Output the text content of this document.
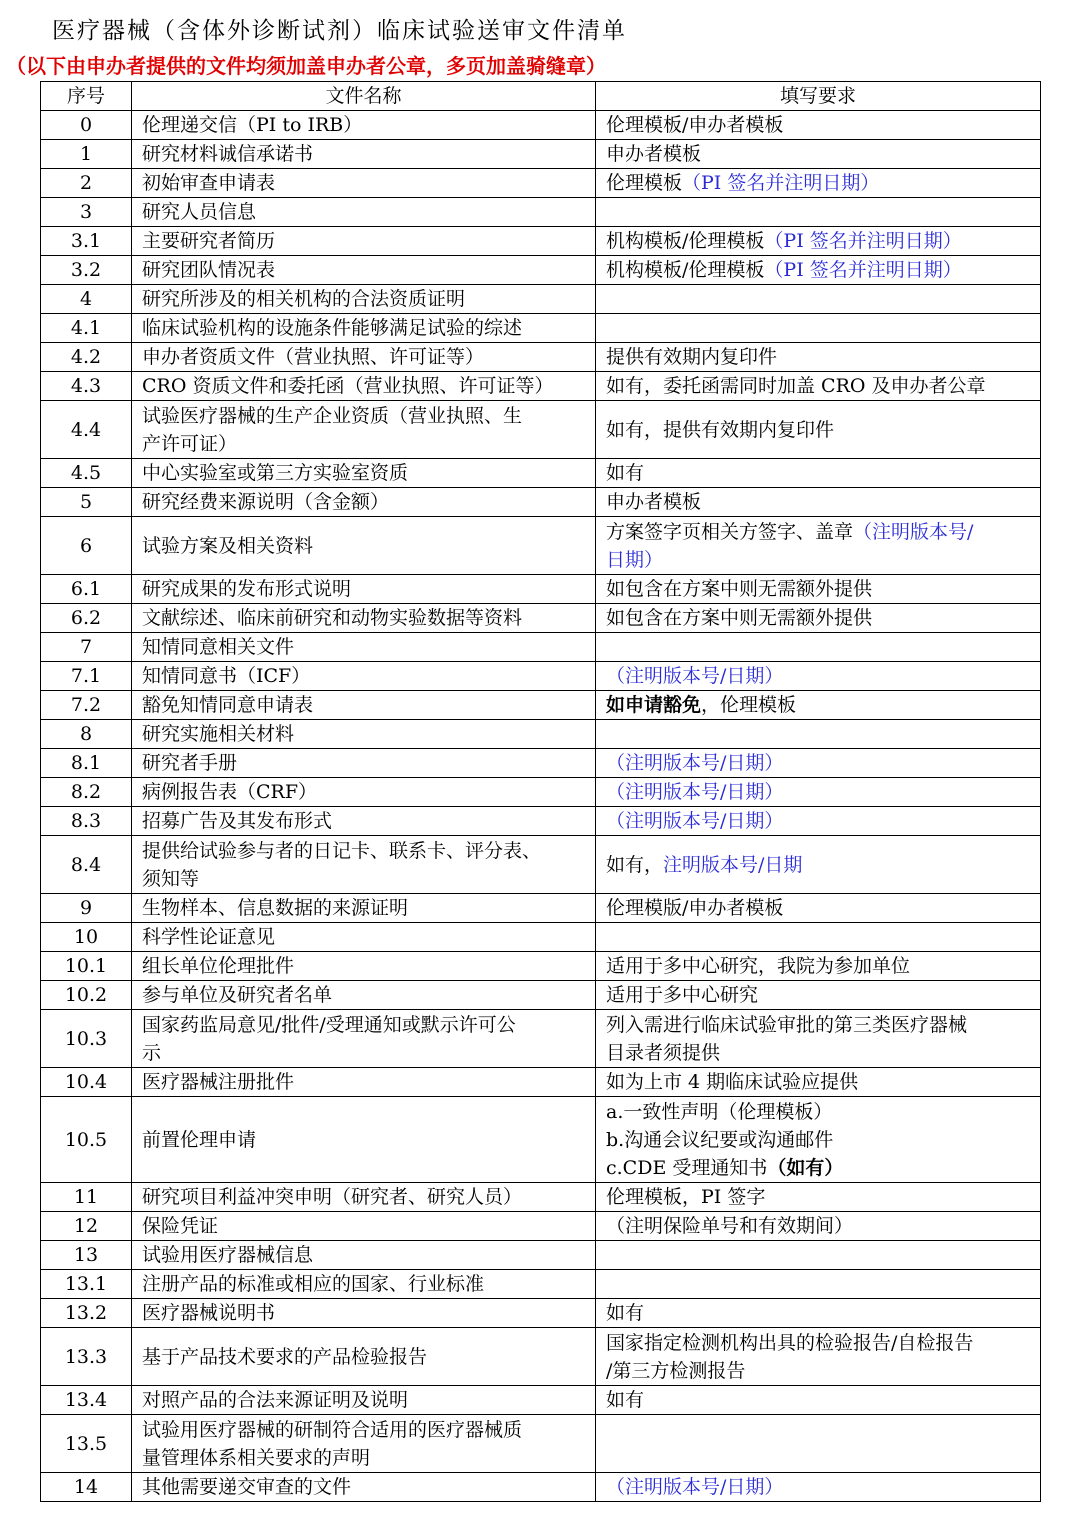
医疗器械（含体外诊断试剂）临床试验送审文件清单
（以下由申办者提供的文件均须加盖申办者公章，多页加盖骑缝章）
序号	文件名称	填写要求
0	伦理递交信（PI to IRB）	伦理模板/申办者模板

1	研究材料诚信承诺书	申办者模板

2	初始审查申请表	伦理模板（PI 签名并注明日期）

3	研究人员信息	

3.1	主要研究者简历	机构模板/伦理模板（PI 签名并注明日期）

3.2	研究团队情况表	机构模板/伦理模板（PI 签名并注明日期）

4	研究所涉及的相关机构的合法资质证明	

4.1	临床试验机构的设施条件能够满足试验的综述	

4.2	申办者资质文件（营业执照、许可证等）	提供有效期内复印件

4.3	CRO 资质文件和委托函（营业执照、许可证等）	如有，委托函需同时加盖 CRO 及申办者公章

4.4	试验医疗器械的生产企业资质（营业执照、生
产许可证）	如有，提供有效期内复印件

4.5	中心实验室或第三方实验室资质	如有

5	研究经费来源说明（含金额）	申办者模板

6	试验方案及相关资料	方案签字页相关方签字、盖章（注明版本号/
日期）

6.1	研究成果的发布形式说明	如包含在方案中则无需额外提供

6.2	文献综述、临床前研究和动物实验数据等资料	如包含在方案中则无需额外提供

7	知情同意相关文件	

7.1	知情同意书（ICF）	（注明版本号/日期）

7.2	豁免知情同意申请表	如申请豁免，伦理模板

8	研究实施相关材料	

8.1	研究者手册	（注明版本号/日期）

8.2	病例报告表（CRF）	（注明版本号/日期）

8.3	招募广告及其发布形式	（注明版本号/日期）

8.4	提供给试验参与者的日记卡、联系卡、评分表、
须知等	如有，注明版本号/日期

9	生物样本、信息数据的来源证明	伦理模版/申办者模板

10	科学性论证意见	

10.1	组长单位伦理批件	适用于多中心研究，我院为参加单位

10.2	参与单位及研究者名单	适用于多中心研究

10.3	国家药监局意见/批件/受理通知或默示许可公
示	列入需进行临床试验审批的第三类医疗器械
目录者须提供

10.4	医疗器械注册批件	如为上市 4 期临床试验应提供

10.5	前置伦理申请	a.一致性声明（伦理模板）
b.沟通会议纪要或沟通邮件
c.CDE 受理通知书（如有）

11	研究项目利益冲突申明（研究者、研究人员）	伦理模板，PI 签字

12	保险凭证	（注明保险单号和有效期间）

13	试验用医疗器械信息	

13.1	注册产品的标准或相应的国家、行业标准	

13.2	医疗器械说明书	如有

13.3	基于产品技术要求的产品检验报告	国家指定检测机构出具的检验报告/自检报告
/第三方检测报告

13.4	对照产品的合法来源证明及说明	如有

13.5	试验用医疗器械的研制符合适用的医疗器械质
量管理体系相关要求的声明	

14	其他需要递交审查的文件	（注明版本号/日期）
